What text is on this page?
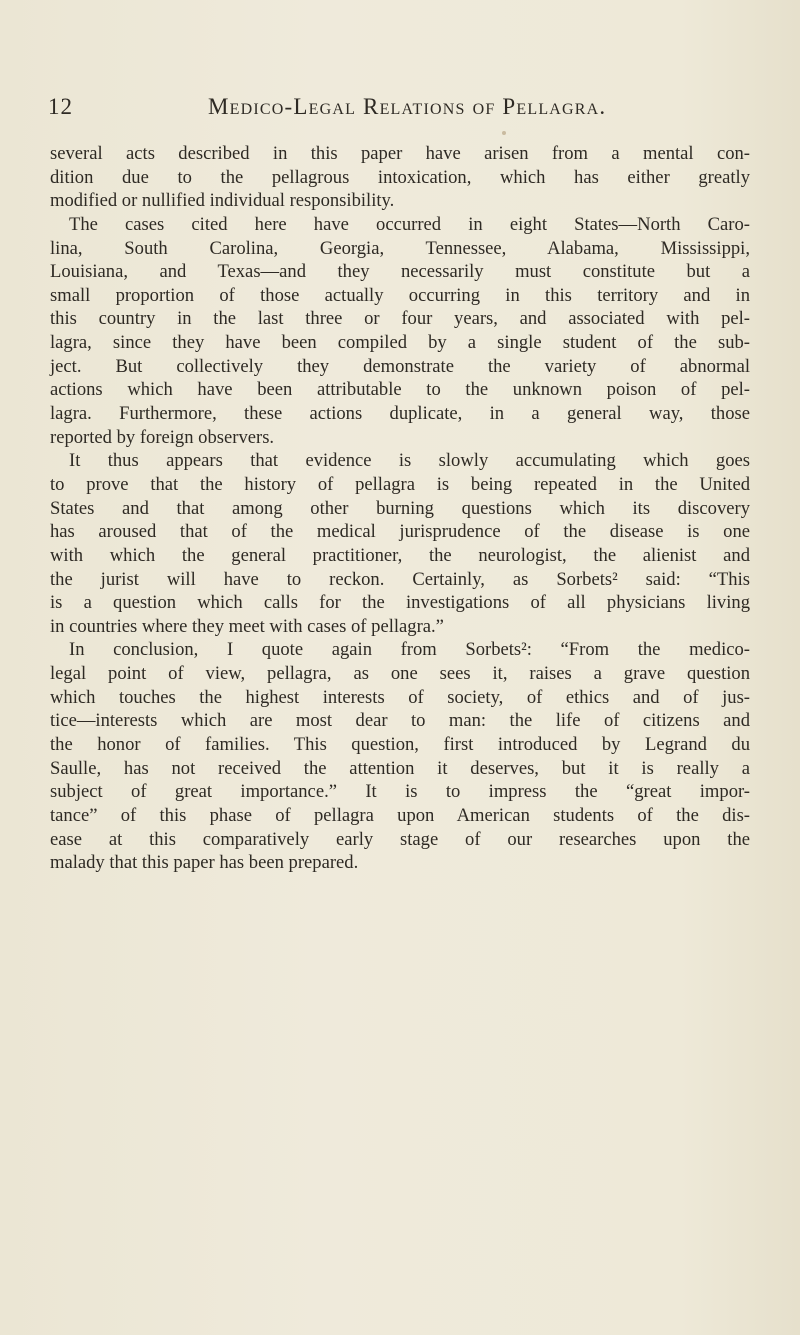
12	Medico-Legal Relations of Pellagra.
several acts described in this paper have arisen from a mental con-
dition due to the pellagrous intoxication, which has either greatly
modified or nullified individual responsibility.
The cases cited here have occurred in eight States—North Caro-
lina, South Carolina, Georgia, Tennessee, Alabama, Mississippi,
Louisiana, and Texas—and they necessarily must constitute but a
small proportion of those actually occurring in this territory and in
this country in the last three or four years, and associated with pel-
lagra, since they have been compiled by a single student of the sub-
ject. But collectively they demonstrate the variety of abnormal
actions which have been attributable to the unknown poison of pel-
lagra. Furthermore, these actions duplicate, in a general way, those
reported by foreign observers.
It thus appears that evidence is slowly accumulating which goes
to prove that the history of pellagra is being repeated in the United
States and that among other burning questions which its discovery
has aroused that of the medical jurisprudence of the disease is one
with which the general practitioner, the neurologist, the alienist and
the jurist will have to reckon. Certainly, as Sorbets² said: “This
is a question which calls for the investigations of all physicians living
in countries where they meet with cases of pellagra.”
In conclusion, I quote again from Sorbets²: “From the medico-
legal point of view, pellagra, as one sees it, raises a grave question
which touches the highest interests of society, of ethics and of jus-
tice—interests which are most dear to man: the life of citizens and
the honor of families. This question, first introduced by Legrand du
Saulle, has not received the attention it deserves, but it is really a
subject of great importance.” It is to impress the “great impor-
tance” of this phase of pellagra upon American students of the dis-
ease at this comparatively early stage of our researches upon the
malady that this paper has been prepared.
